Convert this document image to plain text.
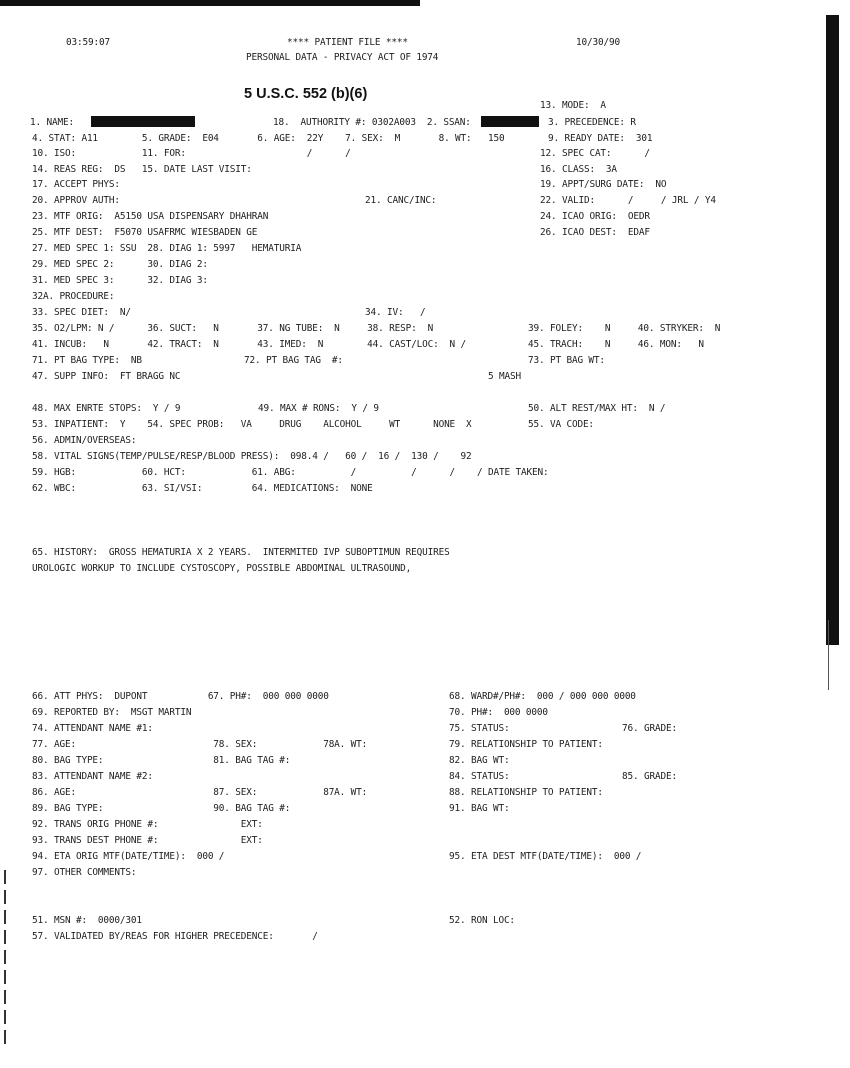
03:59:07	**** PATIENT FILE ****
PERSONAL DATA - PRIVACY ACT OF 1974
10/30/90
5 U.S.C. 552 (b)(6)
13. MODE:  A
1. NAME:	18.  AUTHORITY #: 0302A003  2. SSAN:	3. PRECEDENCE: R
4. STAT: A11        5. GRADE:  E04       6. AGE:  22Y    7. SEX:  M       8. WT:   150	9. READY DATE:  301
10. ISO:            11. FOR:                      /      /	12. SPEC CAT:      /
14. REAS REG:  DS   15. DATE LAST VISIT:	16. CLASS:  3A
17. ACCEPT PHYS:	19. APPT/SURG DATE:  NO
20. APPROV AUTH:	21. CANC/INC:	22. VALID:      /     / JRL / Y4
23. MTF ORIG:  A5150 USA DISPENSARY DHAHRAN	24. ICAO ORIG:  OEDR
25. MTF DEST:  F5070 USAFRMC WIESBADEN GE	26. ICAO DEST:  EDAF
27. MED SPEC 1: SSU  28. DIAG 1: 5997   HEMATURIA
29. MED SPEC 2:      30. DIAG 2:
31. MED SPEC 3:      32. DIAG 3:
32A. PROCEDURE:
33. SPEC DIET:  N/	34. IV:   /
35. O2/LPM: N /      36. SUCT:   N       37. NG TUBE:  N     38. RESP:  N	39. FOLEY:    N     40. STRYKER:  N
41. INCUB:   N       42. TRACT:  N       43. IMED:  N        44. CAST/LOC:  N /	45. TRACH:    N     46. MON:   N
71. PT BAG TYPE:  NB	72. PT BAG TAG  #:	73. PT BAG WT:
47. SUPP INFO:  FT BRAGG NC	5 MASH
48. MAX ENRTE STOPS:  Y / 9	49. MAX # RONS:  Y / 9	50. ALT REST/MAX HT:  N /
53. INPATIENT:  Y    54. SPEC PROB:   VA     DRUG    ALCOHOL     WT      NONE  X	55. VA CODE:
56. ADMIN/OVERSEAS:
58. VITAL SIGNS(TEMP/PULSE/RESP/BLOOD PRESS):  098.4 /   60 /  16 /  130 /    92
59. HGB:            60. HCT:            61. ABG:          /          /      /    / DATE TAKEN:
62. WBC:            63. SI/VSI:         64. MEDICATIONS:  NONE
65. HISTORY:  GROSS HEMATURIA X 2 YEARS.  INTERMITED IVP SUBOPTIMUN REQUIRES
UROLOGIC WORKUP TO INCLUDE CYSTOSCOPY, POSSIBLE ABDOMINAL ULTRASOUND,
66. ATT PHYS:  DUPONT           67. PH#:  000 000 0000	68. WARD#/PH#:  000 / 000 000 0000
69. REPORTED BY:  MSGT MARTIN	70. PH#:  000 0000
74. ATTENDANT NAME #1:	75. STATUS:	76. GRADE:
77. AGE:                         78. SEX:            78A. WT:	79. RELATIONSHIP TO PATIENT:
80. BAG TYPE:                    81. BAG TAG #:	82. BAG WT:
83. ATTENDANT NAME #2:	84. STATUS:	85. GRADE:
86. AGE:                         87. SEX:            87A. WT:	88. RELATIONSHIP TO PATIENT:
89. BAG TYPE:                    90. BAG TAG #:	91. BAG WT:
92. TRANS ORIG PHONE #:               EXT:
93. TRANS DEST PHONE #:               EXT:
94. ETA ORIG MTF(DATE/TIME):  000 /	95. ETA DEST MTF(DATE/TIME):  000 /
97. OTHER COMMENTS:
51. MSN #:  0000/301	52. RON LOC:
57. VALIDATED BY/REAS FOR HIGHER PRECEDENCE:       /
